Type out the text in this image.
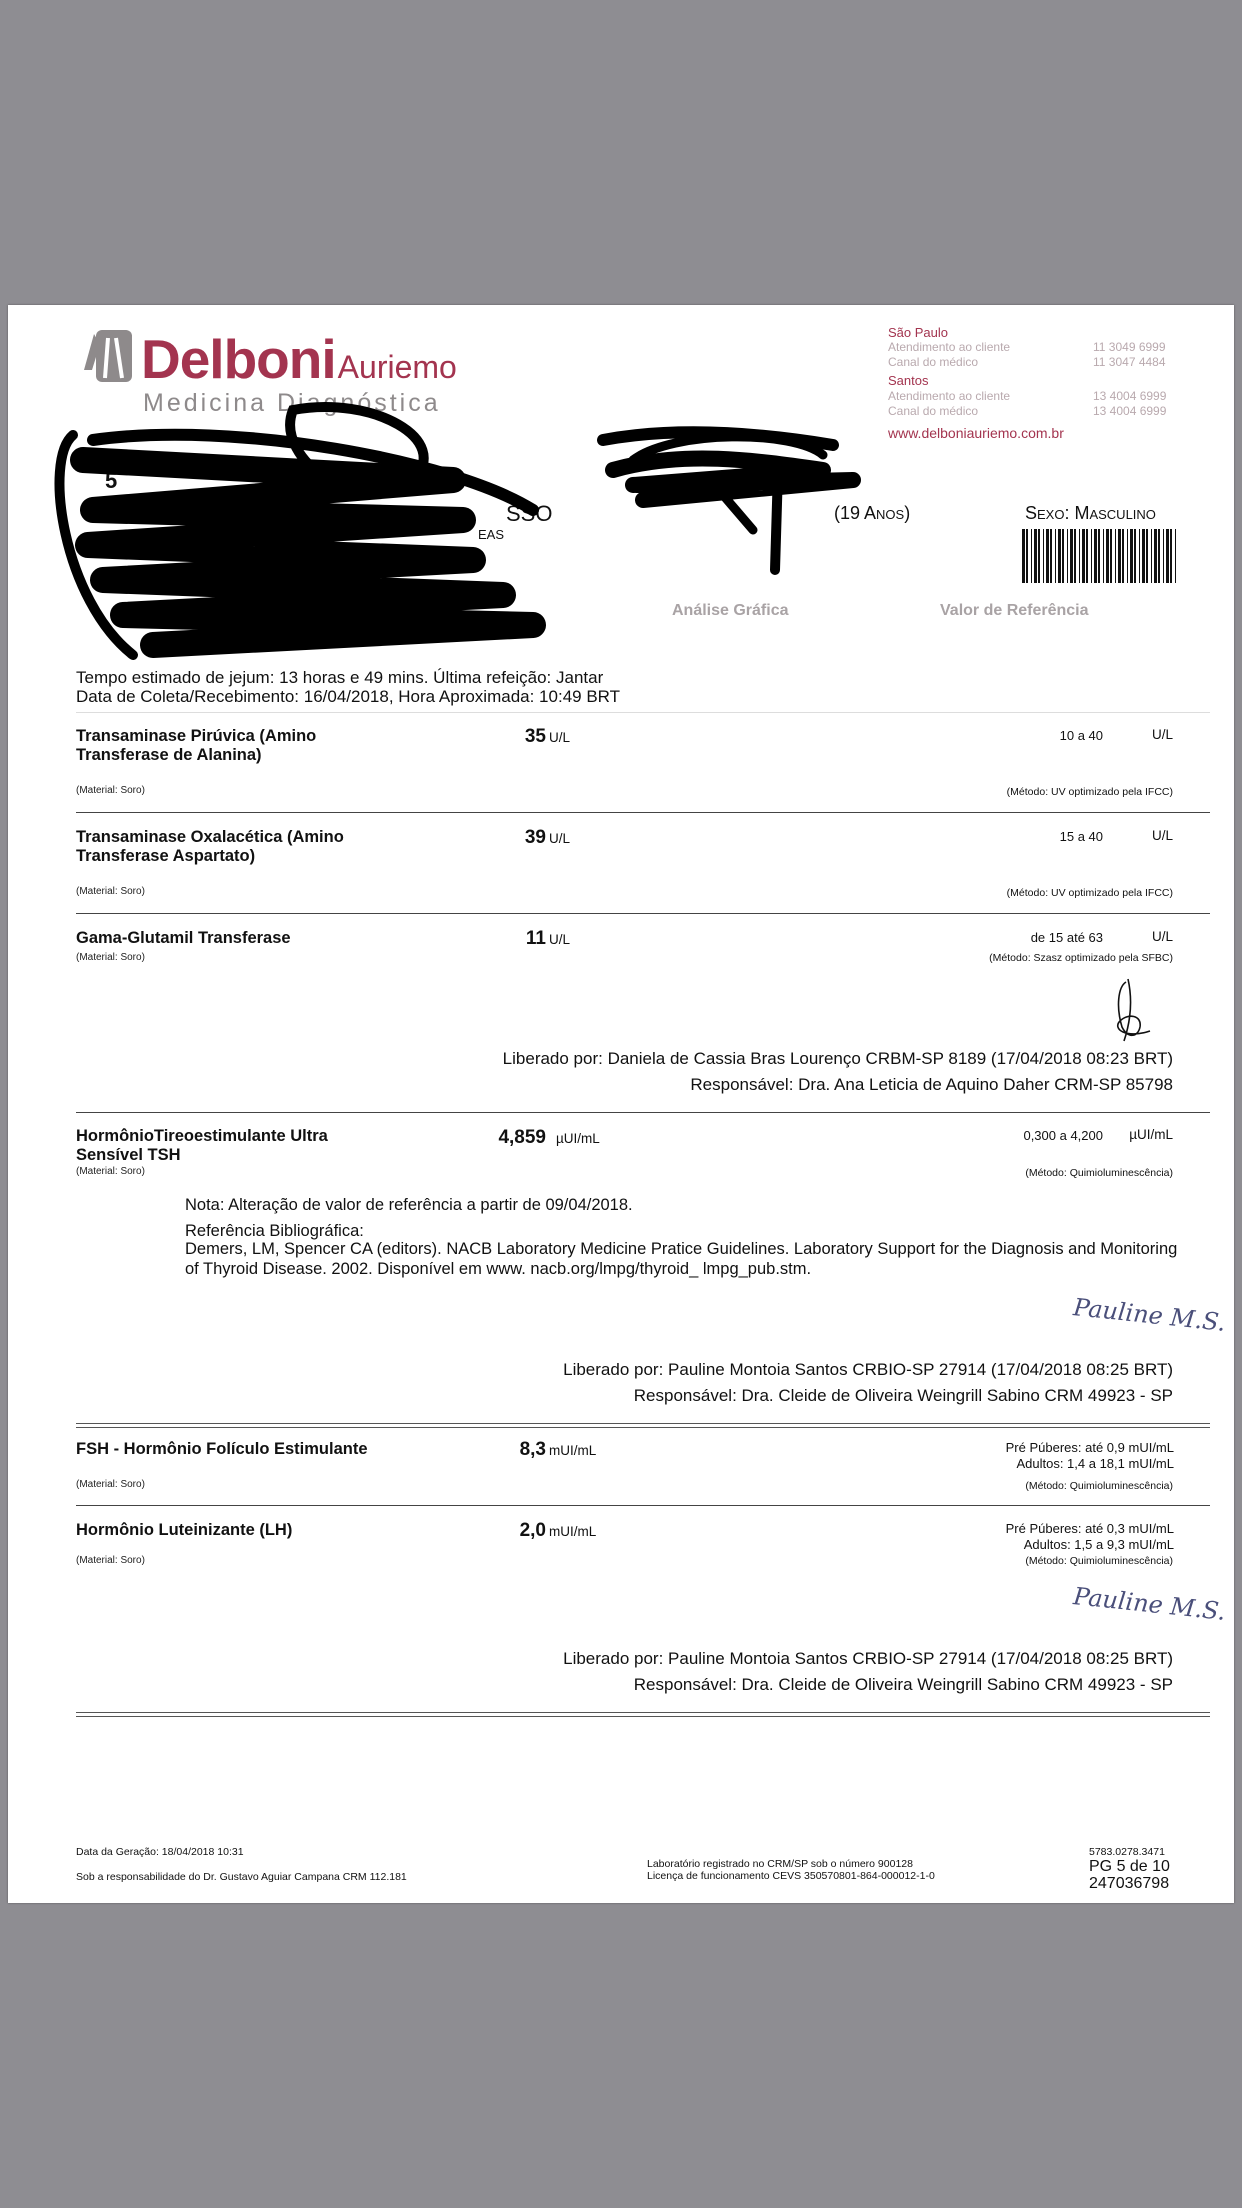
DelboniAuriemo
Medicina Diagnóstica
São Paulo
Atendimento ao cliente	11 3049 6999
Canal do médico	11 3047 4484
Santos
Atendimento ao cliente	13 4004 6999
Canal do médico	13 4004 6999
www.delboniauriemo.com.br
5
SSO
EAS
(19 Anos)	Sexo: Masculino
Análise Gráfica	Valor de Referência
Tempo estimado de jejum: 13 horas e 49 mins. Última refeição: Jantar
Data de Coleta/Recebimento: 16/04/2018, Hora Aproximada: 10:49 BRT
Transaminase Pirúvica (Amino Transferase de Alanina)
(Material: Soro)
35 U/L	10 a 40	U/L
(Método: UV optimizado pela IFCC)
Transaminase Oxalacética (Amino Transferase Aspartato)
(Material: Soro)
39 U/L	15 a 40	U/L
(Método: UV optimizado pela IFCC)
Gama-Glutamil Transferase
(Material: Soro)
11 U/L	de 15 até 63	U/L
(Método: Szasz optimizado pela SFBC)
Liberado por: Daniela de Cassia Bras Lourenço CRBM-SP 8189 (17/04/2018 08:23 BRT)
Responsável: Dra. Ana Leticia de Aquino Daher CRM-SP 85798
HormônioTireoestimulante Ultra Sensível TSH
(Material: Soro)
4,859 µUI/mL	0,300 a 4,200	µUI/mL
(Método: Quimioluminescência)
Nota: Alteração de valor de referência a partir de 09/04/2018.
Referência Bibliográfica:
Demers, LM, Spencer CA (editors). NACB Laboratory Medicine Pratice Guidelines. Laboratory Support for the Diagnosis and Monitoring of Thyroid Disease. 2002. Disponível em www. nacb.org/lmpg/thyroid_ lmpg_pub.stm.
Pauline M.S.
Liberado por: Pauline Montoia Santos CRBIO-SP 27914 (17/04/2018 08:25 BRT)
Responsável: Dra. Cleide de Oliveira Weingrill Sabino CRM 49923 - SP
FSH - Hormônio Folículo Estimulante
(Material: Soro)
8,3 mUI/mL	Pré Púberes: até 0,9 mUI/mL
Adultos: 1,4 a 18,1 mUI/mL
(Método: Quimioluminescência)
Hormônio Luteinizante (LH)
(Material: Soro)
2,0 mUI/mL	Pré Púberes: até 0,3 mUI/mL
Adultos: 1,5 a 9,3 mUI/mL
(Método: Quimioluminescência)
Pauline M.S.
Liberado por: Pauline Montoia Santos CRBIO-SP 27914 (17/04/2018 08:25 BRT)
Responsável: Dra. Cleide de Oliveira Weingrill Sabino CRM 49923 - SP
Data da Geração: 18/04/2018 10:31
Sob a responsabilidade do Dr. Gustavo Aguiar Campana CRM 112.181
Laboratório registrado no CRM/SP sob o número 900128
Licença de funcionamento CEVS 350570801-864-000012-1-0
5783.0278.3471
PG 5 de 10
247036798
